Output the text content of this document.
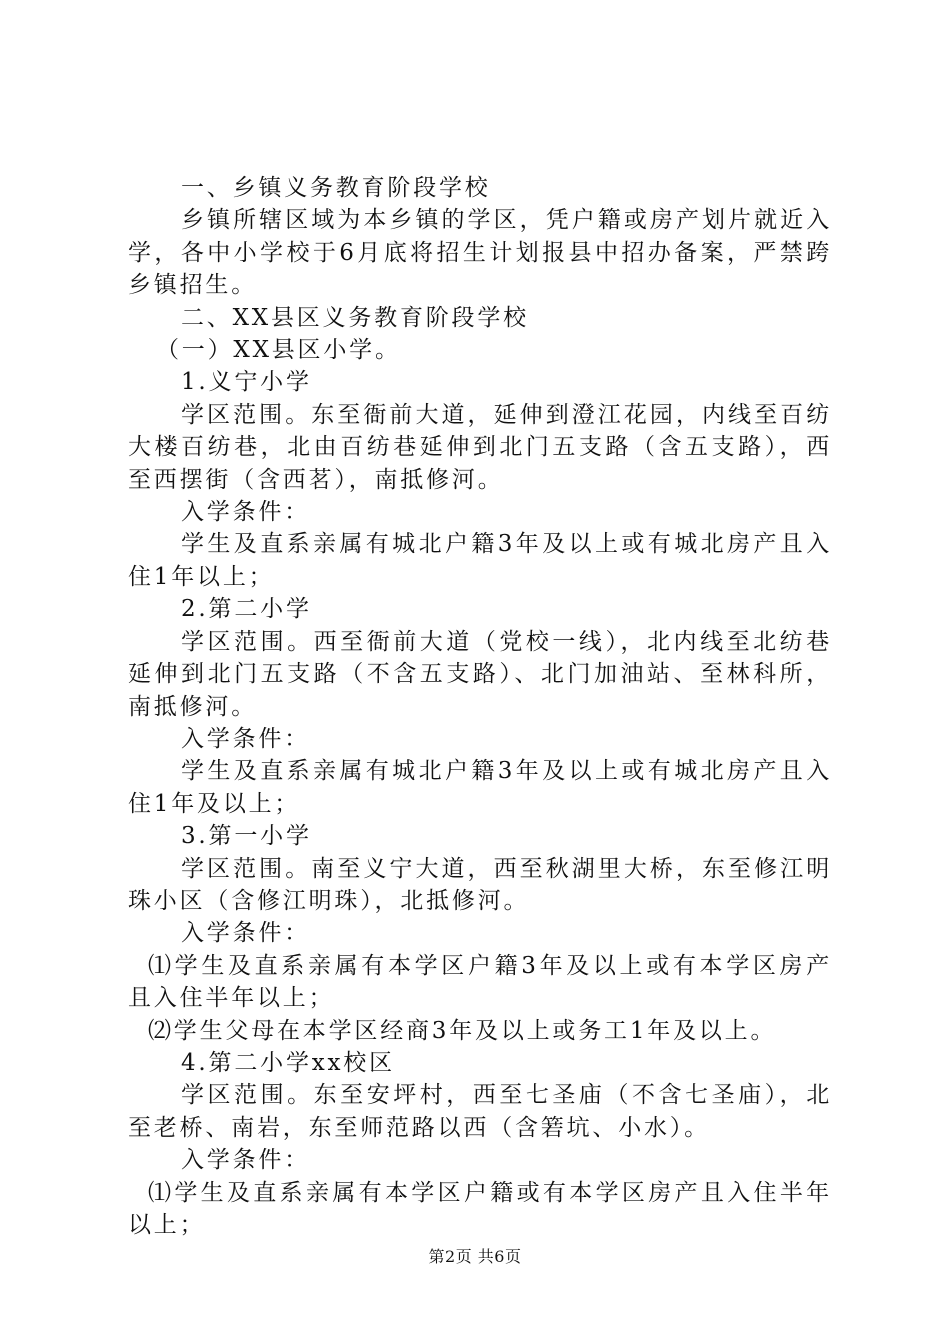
一、乡镇义务教育阶段学校

乡镇所辖区域为本乡镇的学区，凭户籍或房产划片就近入学，各中小学校于6月底将招生计划报县中招办备案，严禁跨乡镇招生。

二、XX县区义务教育阶段学校

（一）XX县区小学。

1.义宁小学

学区范围。东至衙前大道，延伸到澄江花园，内线至百纺大楼百纺巷，北由百纺巷延伸到北门五支路（含五支路），西至西摆街（含西茗），南抵修河。

入学条件：

学生及直系亲属有城北户籍3年及以上或有城北房产且入住1年以上；

2.第二小学

学区范围。西至衙前大道（党校一线），北内线至北纺巷延伸到北门五支路（不含五支路）、北门加油站、至林科所，南抵修河。

入学条件：

学生及直系亲属有城北户籍3年及以上或有城北房产且入住1年及以上；

3.第一小学

学区范围。南至义宁大道，西至秋湖里大桥，东至修江明珠小区（含修江明珠），北抵修河。

入学条件：

⑴学生及直系亲属有本学区户籍3年及以上或有本学区房产且入住半年以上；

⑵学生父母在本学区经商3年及以上或务工1年及以上。

4.第二小学xx校区

学区范围。东至安坪村，西至七圣庙（不含七圣庙），北至老桥、南岩，东至师范路以西（含箬坑、小水）。

入学条件：

⑴学生及直系亲属有本学区户籍或有本学区房产且入住半年以上；

第2页 共6页
